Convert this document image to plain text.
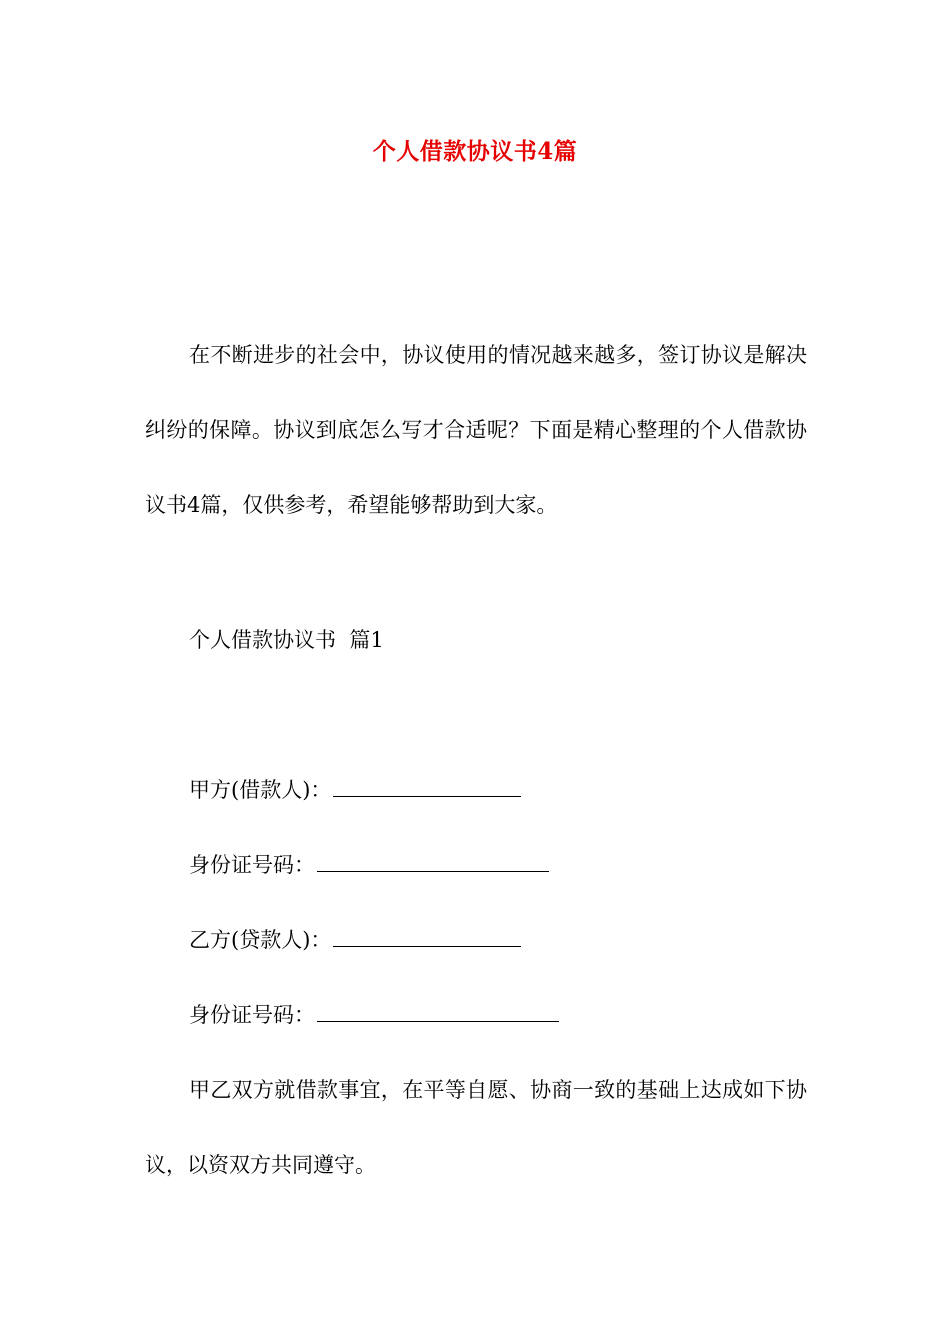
个人借款协议书4篇

在不断进步的社会中，协议使用的情况越来越多，签订协议是解决纠纷的保障。协议到底怎么写才合适呢？下面是精心整理的个人借款协议书4篇，仅供参考，希望能够帮助到大家。

个人借款协议书  篇1

甲方(借款人)：

身份证号码：

乙方(贷款人)：

身份证号码：

甲乙双方就借款事宜，在平等自愿、协商一致的基础上达成如下协议，以资双方共同遵守。
